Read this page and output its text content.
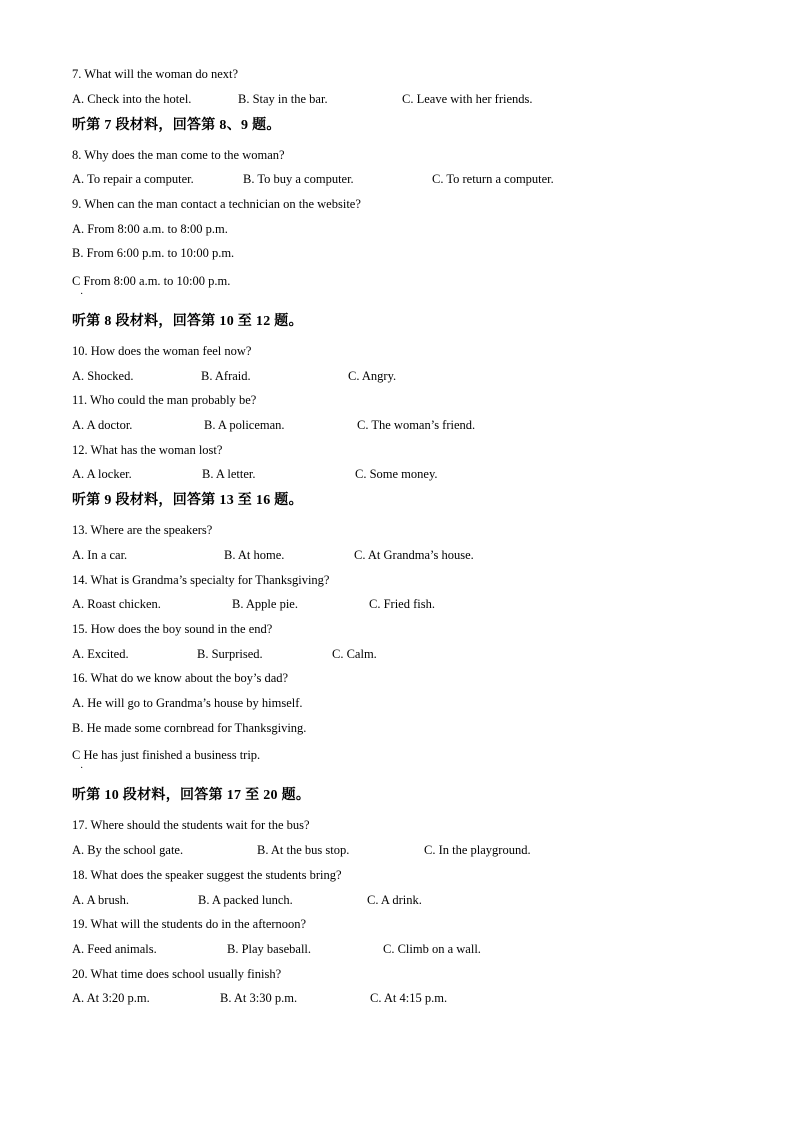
7. What will the woman do next?
A. Check into the hotel.	B. Stay in the bar.	C. Leave with her friends.
听第 7 段材料，回答第 8、9 题。
8. Why does the man come to the woman?
A. To repair a computer.	B. To buy a computer.	C. To return a computer.
9. When can the man contact a technician on the website?
A. From 8:00 a.m. to 8:00 p.m.
B. From 6:00 p.m. to 10:00 p.m.
C From 8:00 a.m. to 10:00 p.m.
·
听第 8 段材料，回答第 10 至 12 题。
10. How does the woman feel now?
A. Shocked.	B. Afraid.	C. Angry.
11. Who could the man probably be?
A. A doctor.	B. A policeman.	C. The woman’s friend.
12. What has the woman lost?
A. A locker.	B. A letter.	C. Some money.
听第 9 段材料，回答第 13 至 16 题。
13. Where are the speakers?
A. In a car.	B. At home.	C. At Grandma’s house.
14. What is Grandma’s specialty for Thanksgiving?
A. Roast chicken.	B. Apple pie.	C. Fried fish.
15. How does the boy sound in the end?
A. Excited.	B. Surprised.	C. Calm.
16. What do we know about the boy’s dad?
A. He will go to Grandma’s house by himself.
B. He made some cornbread for Thanksgiving.
C He has just finished a business trip.
·
听第 10 段材料，回答第 17 至 20 题。
17. Where should the students wait for the bus?
A. By the school gate.	B. At the bus stop.	C. In the playground.
18. What does the speaker suggest the students bring?
A. A brush.	B. A packed lunch.	C. A drink.
19. What will the students do in the afternoon?
A. Feed animals.	B. Play baseball.	C. Climb on a wall.
20. What time does school usually finish?
A. At 3:20 p.m.	B. At 3:30 p.m.	C. At 4:15 p.m.
